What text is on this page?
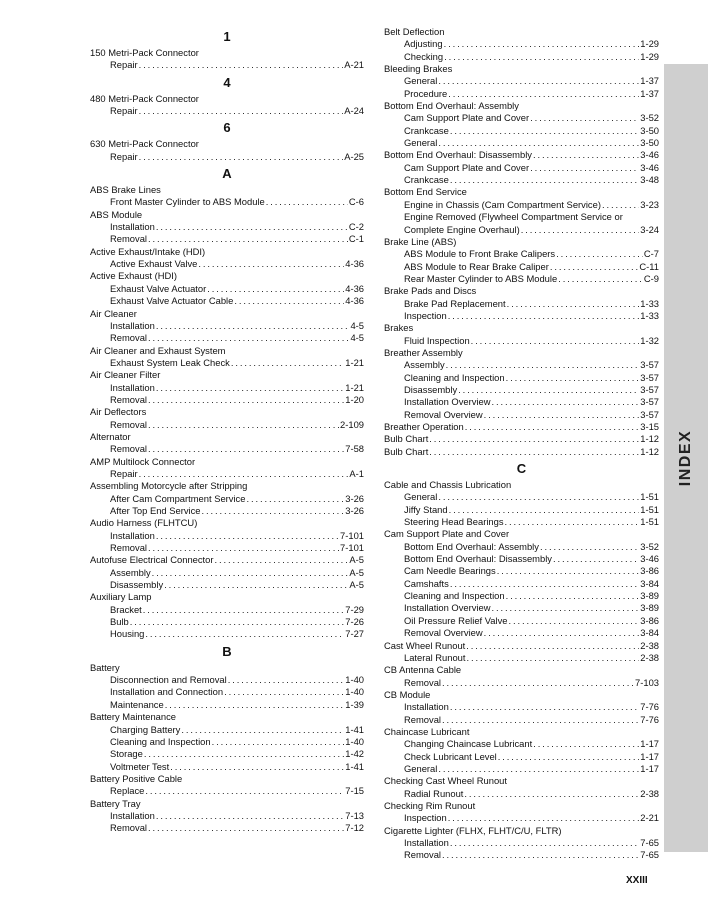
1
150 Metri-Pack Connector
Repair .....	A-21
4
480 Metri-Pack Connector
Repair .....	A-24
6
630 Metri-Pack Connector
Repair .....	A-25
A
ABS Brake Lines
Front Master Cylinder to ABS Module .....	C-6
ABS Module
Installation .....	C-2
Removal .....	C-1
Active Exhaust/Intake (HDI)
Active Exhaust Valve .....	4-36
Active Exhaust (HDI)
Exhaust Valve Actuator .....	4-36
Exhaust Valve Actuator Cable .....	4-36
Air Cleaner
Installation .....	4-5
Removal .....	4-5
Air Cleaner and Exhaust System
Exhaust System Leak Check .....	1-21
Air Cleaner Filter
Installation .....	1-21
Removal .....	1-20
Air Deflectors
Removal .....	2-109
Alternator
Removal .....	7-58
AMP Multilock Connector
Repair .....	A-1
Assembling Motorcycle after Stripping
After Cam Compartment Service .....	3-26
After Top End Service .....	3-26
Audio Harness (FLHTCU)
Installation .....	7-101
Removal .....	7-101
Autofuse Electrical Connector .....	A-5
Assembly .....	A-5
Disassembly .....	A-5
Auxiliary Lamp
Bracket .....	7-29
Bulb .....	7-26
Housing .....	7-27
B
Battery
Disconnection and Removal .....	1-40
Installation and Connection .....	1-40
Maintenance .....	1-39
Battery Maintenance
Charging Battery .....	1-41
Cleaning and Inspection .....	1-40
Storage .....	1-42
Voltmeter Test .....	1-41
Battery Positive Cable
Replace .....	7-15
Battery Tray
Installation .....	7-13
Removal .....	7-12
Belt Deflection
Adjusting .....	1-29
Checking .....	1-29
Bleeding Brakes
General .....	1-37
Procedure .....	1-37
Bottom End Overhaul: Assembly
Cam Support Plate and Cover .....	3-52
Crankcase .....	3-50
General .....	3-50
Bottom End Overhaul: Disassembly .....	3-46
Cam Support Plate and Cover .....	3-46
Crankcase .....	3-48
Bottom End Service
Engine in Chassis (Cam Compartment Service) .....	3-23
Engine Removed (Flywheel Compartment Service or
Complete Engine Overhaul) .....	3-24
Brake Line (ABS)
ABS Module to Front Brake Calipers .....	C-7
ABS Module to Rear Brake Caliper .....	C-11
Rear Master Cylinder to ABS Module .....	C-9
Brake Pads and Discs
Brake Pad Replacement .....	1-33
Inspection .....	1-33
Brakes
Fluid Inspection .....	1-32
Breather Assembly
Assembly .....	3-57
Cleaning and Inspection .....	3-57
Disassembly .....	3-57
Installation Overview .....	3-57
Removal Overview .....	3-57
Breather Operation .....	3-15
Bulb Chart .....	1-12
Bulb Chart .....	1-12
C
Cable and Chassis Lubrication
General .....	1-51
Jiffy Stand .....	1-51
Steering Head Bearings .....	1-51
Cam Support Plate and Cover
Bottom End Overhaul: Assembly .....	3-52
Bottom End Overhaul: Disassembly .....	3-46
Cam Needle Bearings .....	3-86
Camshafts .....	3-84
Cleaning and Inspection .....	3-89
Installation Overview .....	3-89
Oil Pressure Relief Valve .....	3-86
Removal Overview .....	3-84
Cast Wheel Runout .....	2-38
Lateral Runout .....	2-38
CB Antenna Cable
Removal .....	7-103
CB Module
Installation .....	7-76
Removal .....	7-76
Chaincase Lubricant
Changing Chaincase Lubricant .....	1-17
Check Lubricant Level .....	1-17
General .....	1-17
Checking Cast Wheel Runout
Radial Runout .....	2-38
Checking Rim Runout
Inspection .....	2-21
Cigarette Lighter (FLHX, FLHT/C/U, FLTR)
Installation .....	7-65
Removal .....	7-65
INDEX
XXIII
